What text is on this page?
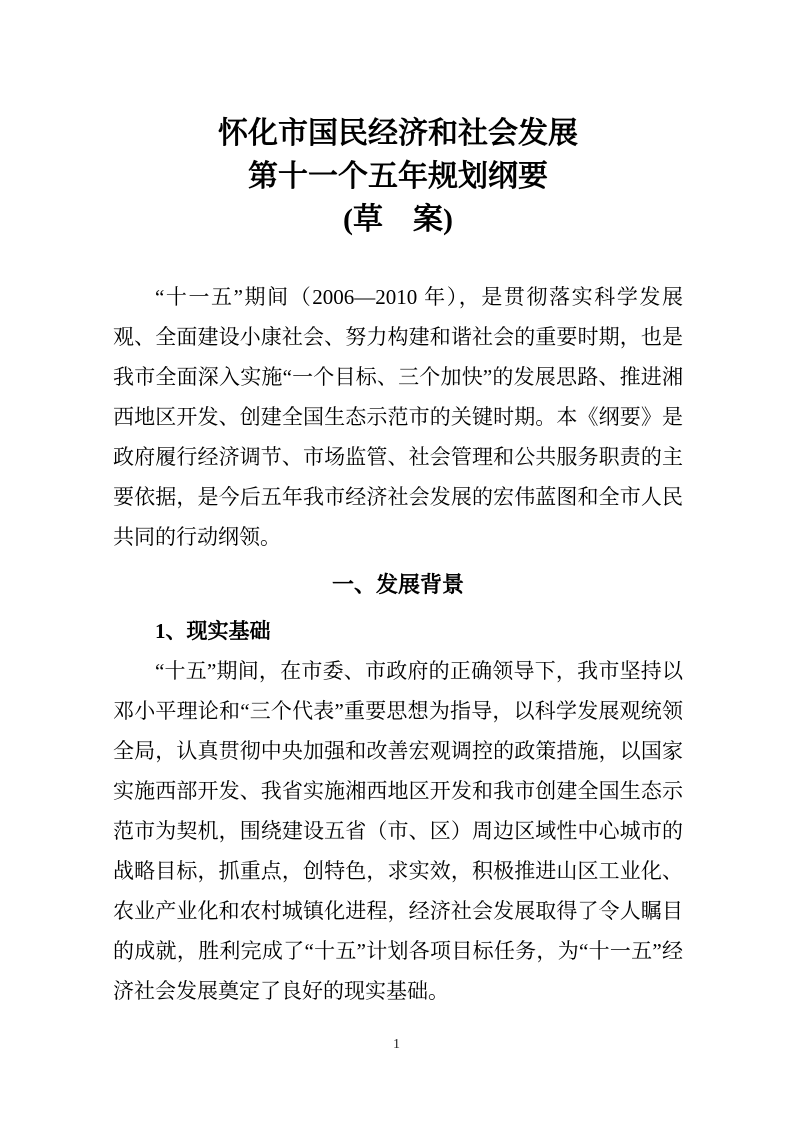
怀化市国民经济和社会发展
第十一个五年规划纲要
(草　案)

“十一五”期间（2006—2010 年），是贯彻落实科学发展观、全面建设小康社会、努力构建和谐社会的重要时期，也是我市全面深入实施“一个目标、三个加快”的发展思路、推进湘西地区开发、创建全国生态示范市的关键时期。本《纲要》是政府履行经济调节、市场监管、社会管理和公共服务职责的主要依据，是今后五年我市经济社会发展的宏伟蓝图和全市人民共同的行动纲领。

一、发展背景
1、现实基础

“十五”期间，在市委、市政府的正确领导下，我市坚持以邓小平理论和“三个代表”重要思想为指导，以科学发展观统领全局，认真贯彻中央加强和改善宏观调控的政策措施，以国家实施西部开发、我省实施湘西地区开发和我市创建全国生态示范市为契机，围绕建设五省（市、区）周边区域性中心城市的战略目标，抓重点，创特色，求实效，积极推进山区工业化、农业产业化和农村城镇化进程，经济社会发展取得了令人瞩目的成就，胜利完成了“十五”计划各项目标任务，为“十一五”经济社会发展奠定了良好的现实基础。

1
